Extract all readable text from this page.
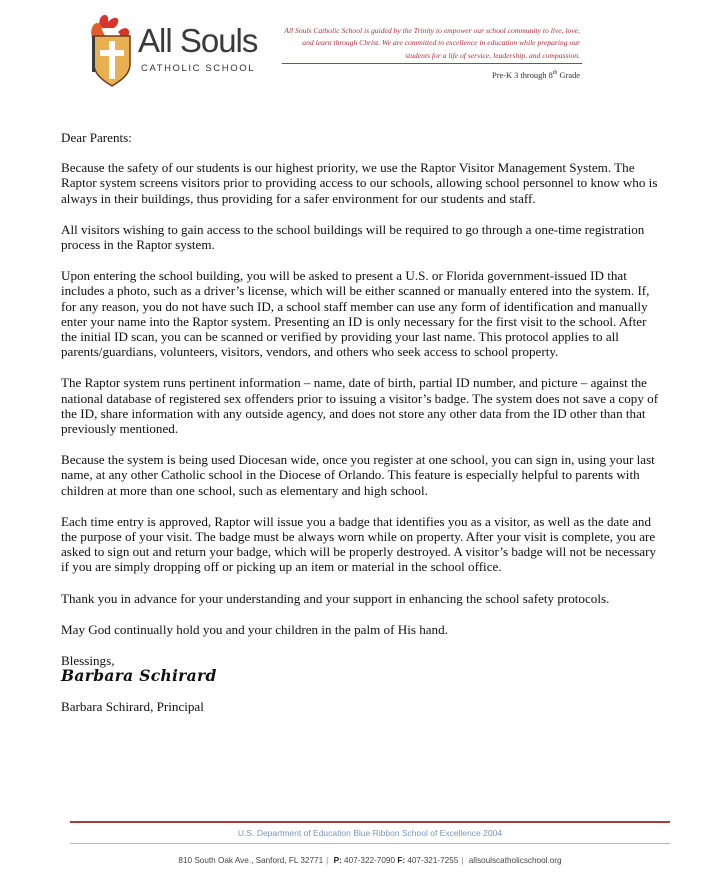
All Souls
CATHOLIC SCHOOL
All Souls Catholic School is guided by the Trinity to empower our school community to live, love,
and learn through Christ. We are committed to excellence in education while preparing our
students for a life of service, leadership, and compassion.
Pre-K 3 through 8th Grade

Dear Parents:

Because the safety of our students is our highest priority, we use the Raptor Visitor Management System. The Raptor system screens visitors prior to providing access to our schools, allowing school personnel to know who is always in their buildings, thus providing for a safer environment for our students and staff.

All visitors wishing to gain access to the school buildings will be required to go through a one-time registration process in the Raptor system.

Upon entering the school building, you will be asked to present a U.S. or Florida government-issued ID that includes a photo, such as a driver’s license, which will be either scanned or manually entered into the system. If, for any reason, you do not have such ID, a school staff member can use any form of identification and manually enter your name into the Raptor system. Presenting an ID is only necessary for the first visit to the school. After the initial ID scan, you can be scanned or verified by providing your last name. This protocol applies to all parents/guardians, volunteers, visitors, vendors, and others who seek access to school property.

The Raptor system runs pertinent information – name, date of birth, partial ID number, and picture – against the national database of registered sex offenders prior to issuing a visitor’s badge. The system does not save a copy of the ID, share information with any outside agency, and does not store any other data from the ID other than that previously mentioned.

Because the system is being used Diocesan wide, once you register at one school, you can sign in, using your last name, at any other Catholic school in the Diocese of Orlando. This feature is especially helpful to parents with children at more than one school, such as elementary and high school.

Each time entry is approved, Raptor will issue you a badge that identifies you as a visitor, as well as the date and the purpose of your visit. The badge must be always worn while on property. After your visit is complete, you are asked to sign out and return your badge, which will be properly destroyed. A visitor’s badge will not be necessary if you are simply dropping off or picking up an item or material in the school office.

Thank you in advance for your understanding and your support in enhancing the school safety protocols.

May God continually hold you and your children in the palm of His hand.

Blessings,

Barbara Schirard

Barbara Schirard, Principal

U.S. Department of Education Blue Ribbon School of Excellence 2004
810 South Oak Ave., Sanford, FL 32771 | P: 407-322-7090 F: 407-321-7255 | allsoulscatholicschool.org
